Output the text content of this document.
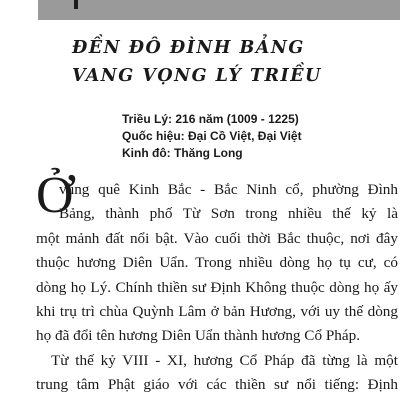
ĐỀN ĐÔ ĐÌNH BẢNG
VANG VỌNG LÝ TRIỀU
Triều Lý: 216 năm (1009 - 1225)
Quốc hiệu: Đại Cồ Việt, Đại Việt
Kinh đô: Thăng Long
Ở
vùng quê Kinh Bắc - Bắc Ninh cổ, phường Đình
Bảng, thành phố Từ Sơn trong nhiều thế kỷ là
một mảnh đất nổi bật. Vào cuối thời Bắc thuộc, nơi đây
thuộc hương Diên Uẩn. Trong nhiều dòng họ tụ cư, có
dòng họ Lý. Chính thiền sư Định Không thuộc dòng họ ấy
khi trụ trì chùa Quỳnh Lâm ở bản Hương, với uy thế dòng
họ đã đổi tên hương Diên Uẩn thành hương Cổ Pháp.
Từ thế kỷ VIII - XI, hương Cổ Pháp đã từng là một
trung tâm Phật giáo với các thiền sư nổi tiếng: Định
